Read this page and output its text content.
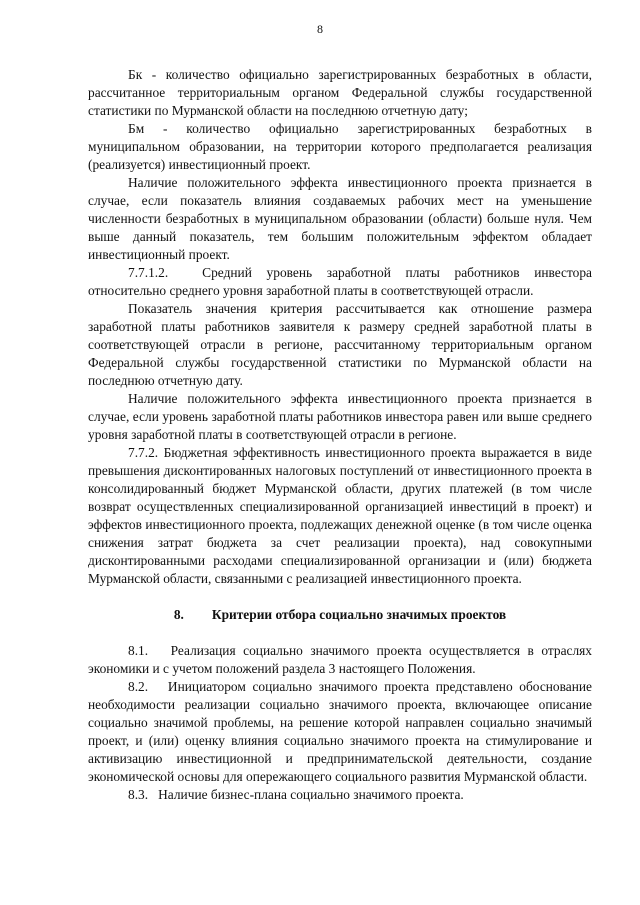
8

Бк - количество официально зарегистрированных безработных в области, рассчитанное территориальным органом Федеральной службы государственной статистики по Мурманской области на последнюю отчетную дату;

Бм - количество официально зарегистрированных безработных в муниципальном образовании, на территории которого предполагается реализация (реализуется) инвестиционный проект.

Наличие положительного эффекта инвестиционного проекта признается в случае, если показатель влияния создаваемых рабочих мест на уменьшение численности безработных в муниципальном образовании (области) больше нуля. Чем выше данный показатель, тем большим положительным эффектом обладает инвестиционный проект.

7.7.1.2.	Средний уровень заработной платы работников инвестора относительно среднего уровня заработной платы в соответствующей отрасли.

Показатель значения критерия рассчитывается как отношение размера заработной платы работников заявителя к размеру средней заработной платы в соответствующей отрасли в регионе, рассчитанному территориальным органом Федеральной службы государственной статистики по Мурманской области на последнюю отчетную дату.

Наличие положительного эффекта инвестиционного проекта признается в случае, если уровень заработной платы работников инвестора равен или выше среднего уровня заработной платы в соответствующей отрасли в регионе.

7.7.2. Бюджетная эффективность инвестиционного проекта выражается в виде превышения дисконтированных налоговых поступлений от инвестиционного проекта в консолидированный бюджет Мурманской области, других платежей (в том числе возврат осуществленных специализированной организацией инвестиций в проект) и эффектов инвестиционного проекта, подлежащих денежной оценке (в том числе оценка снижения затрат бюджета за счет реализации проекта), над совокупными дисконтированными расходами специализированной организации и (или) бюджета Мурманской области, связанными с реализацией инвестиционного проекта.

8. Критерии отбора социально значимых проектов

8.1. Реализация социально значимого проекта осуществляется в отраслях экономики и с учетом положений раздела 3 настоящего Положения.

8.2. Инициатором социально значимого проекта представлено обоснование необходимости реализации социально значимого проекта, включающее описание социально значимой проблемы, на решение которой направлен социально значимый проект, и (или) оценку влияния социально значимого проекта на стимулирование и активизацию инвестиционной и предпринимательской деятельности, создание экономической основы для опережающего социального развития Мурманской области.

8.3. Наличие бизнес-плана социально значимого проекта.
